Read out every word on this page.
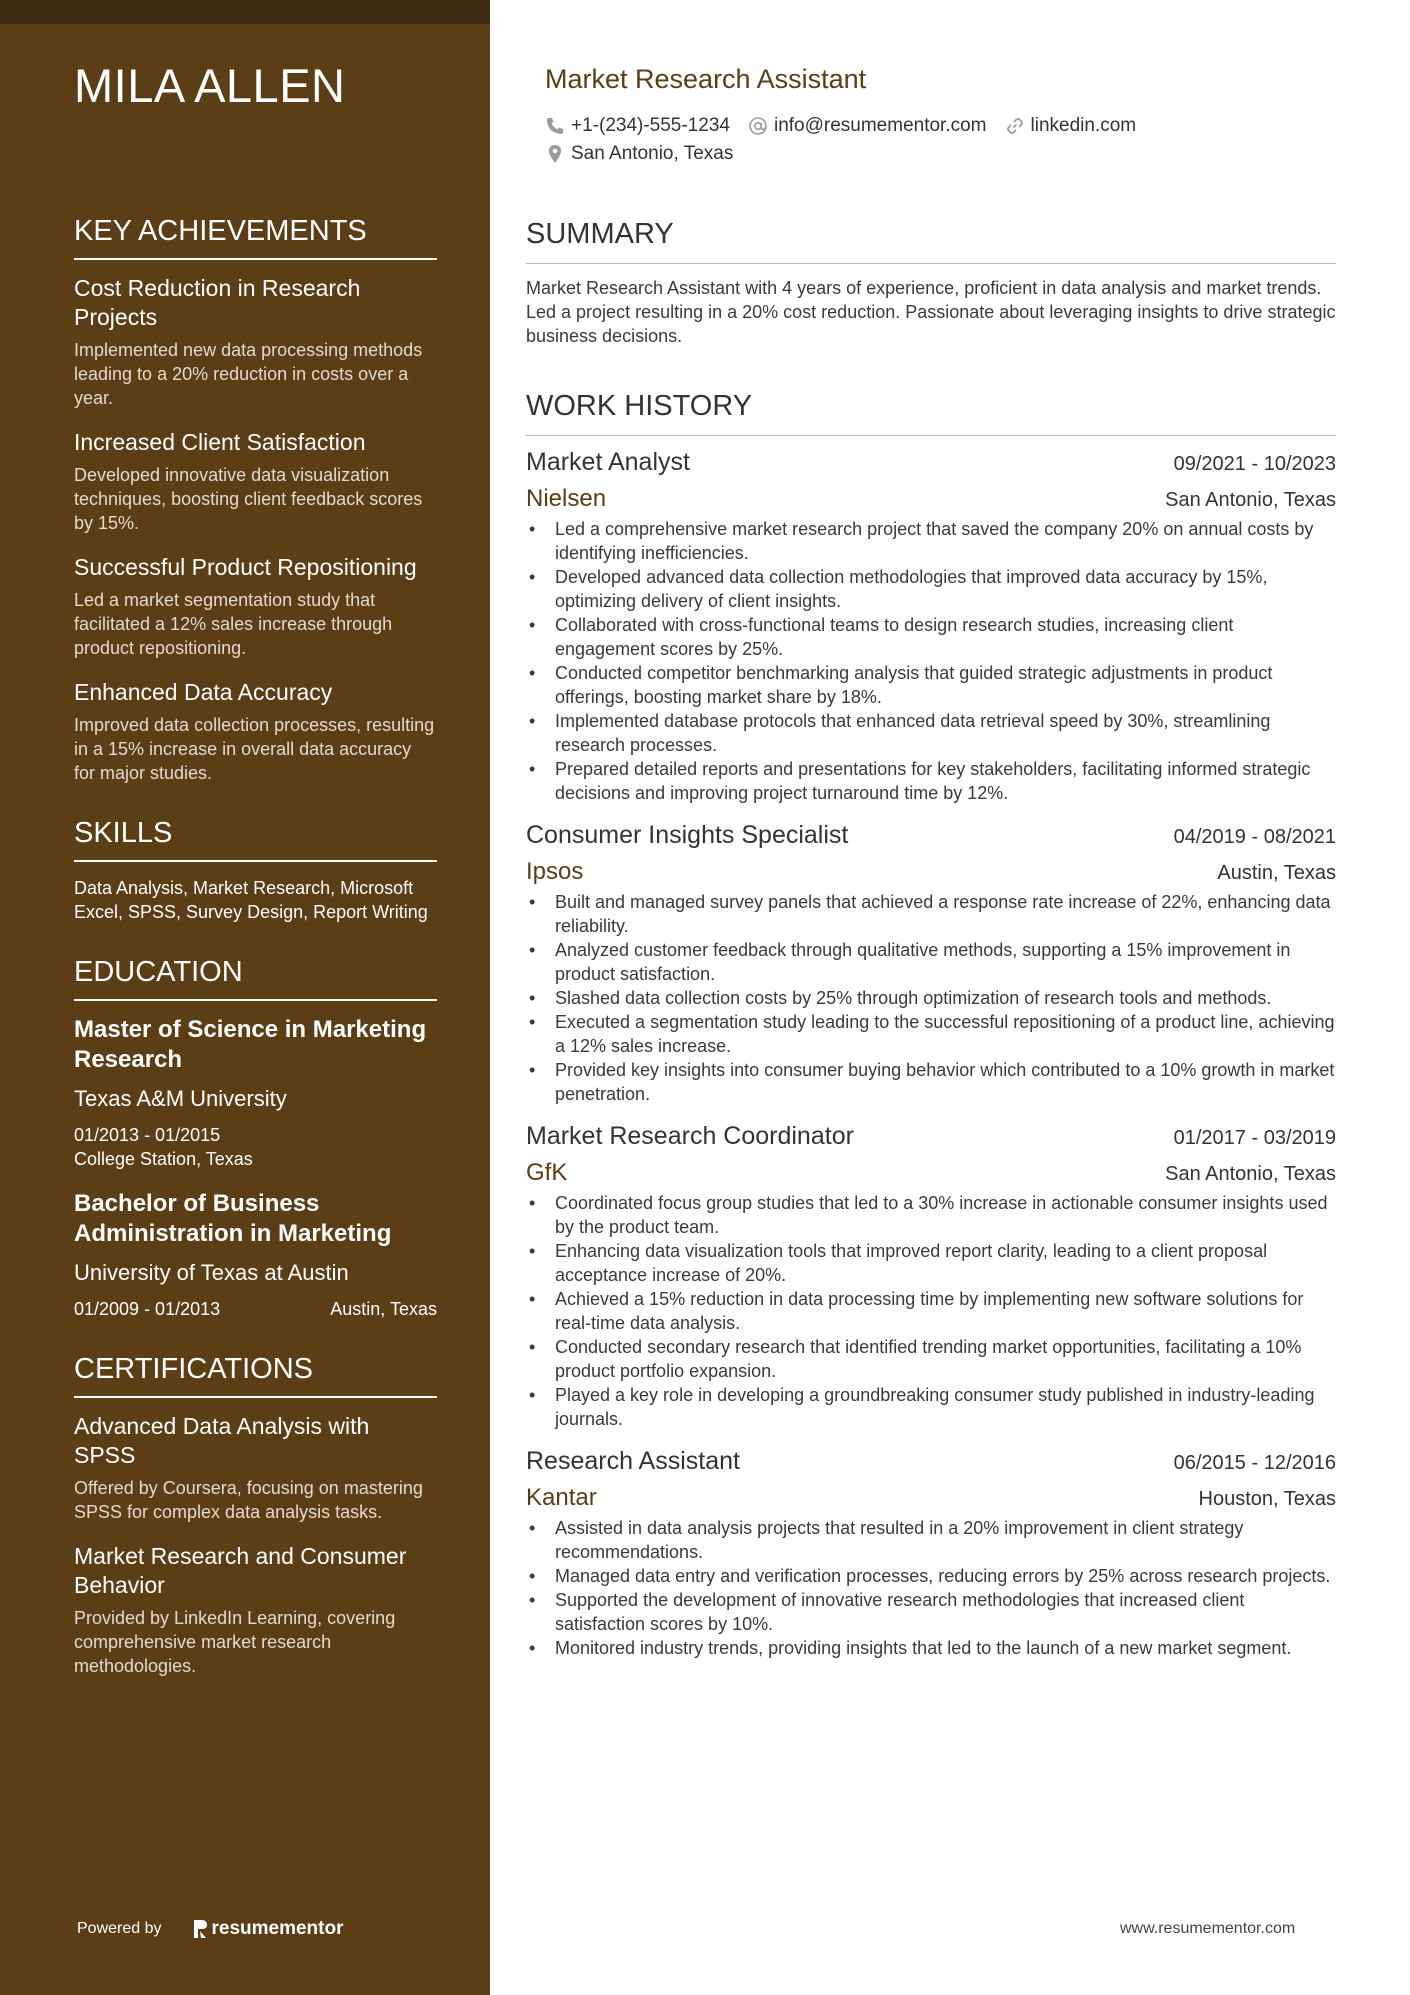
MILA ALLEN
KEY ACHIEVEMENTS
Cost Reduction in Research Projects
Implemented new data processing methods leading to a 20% reduction in costs over a year.
Increased Client Satisfaction
Developed innovative data visualization techniques, boosting client feedback scores by 15%.
Successful Product Repositioning
Led a market segmentation study that facilitated a 12% sales increase through product repositioning.
Enhanced Data Accuracy
Improved data collection processes, resulting in a 15% increase in overall data accuracy for major studies.
SKILLS
Data Analysis, Market Research, Microsoft Excel, SPSS, Survey Design, Report Writing
EDUCATION
Master of Science in Marketing Research
Texas A&M University
01/2013 - 01/2015
College Station, Texas
Bachelor of Business Administration in Marketing
University of Texas at Austin
01/2009 - 01/2013	Austin, Texas
CERTIFICATIONS
Advanced Data Analysis with SPSS
Offered by Coursera, focusing on mastering SPSS for complex data analysis tasks.
Market Research and Consumer Behavior
Provided by LinkedIn Learning, covering comprehensive market research methodologies.
Powered by	resumementor
Market Research Assistant
+1-(234)-555-1234 info@resumementor.com linkedin.com
San Antonio, Texas
SUMMARY
Market Research Assistant with 4 years of experience, proficient in data analysis and market trends. Led a project resulting in a 20% cost reduction. Passionate about leveraging insights to drive strategic business decisions.
WORK HISTORY
Market Analyst	09/2021 - 10/2023
Nielsen	San Antonio, Texas
• Led a comprehensive market research project that saved the company 20% on annual costs by identifying inefficiencies.
• Developed advanced data collection methodologies that improved data accuracy by 15%, optimizing delivery of client insights.
• Collaborated with cross-functional teams to design research studies, increasing client engagement scores by 25%.
• Conducted competitor benchmarking analysis that guided strategic adjustments in product offerings, boosting market share by 18%.
• Implemented database protocols that enhanced data retrieval speed by 30%, streamlining research processes.
• Prepared detailed reports and presentations for key stakeholders, facilitating informed strategic decisions and improving project turnaround time by 12%.
Consumer Insights Specialist	04/2019 - 08/2021
Ipsos	Austin, Texas
• Built and managed survey panels that achieved a response rate increase of 22%, enhancing data reliability.
• Analyzed customer feedback through qualitative methods, supporting a 15% improvement in product satisfaction.
• Slashed data collection costs by 25% through optimization of research tools and methods.
• Executed a segmentation study leading to the successful repositioning of a product line, achieving a 12% sales increase.
• Provided key insights into consumer buying behavior which contributed to a 10% growth in market penetration.
Market Research Coordinator	01/2017 - 03/2019
GfK	San Antonio, Texas
• Coordinated focus group studies that led to a 30% increase in actionable consumer insights used by the product team.
• Enhancing data visualization tools that improved report clarity, leading to a client proposal acceptance increase of 20%.
• Achieved a 15% reduction in data processing time by implementing new software solutions for real-time data analysis.
• Conducted secondary research that identified trending market opportunities, facilitating a 10% product portfolio expansion.
• Played a key role in developing a groundbreaking consumer study published in industry-leading journals.
Research Assistant	06/2015 - 12/2016
Kantar	Houston, Texas
• Assisted in data analysis projects that resulted in a 20% improvement in client strategy recommendations.
• Managed data entry and verification processes, reducing errors by 25% across research projects.
• Supported the development of innovative research methodologies that increased client satisfaction scores by 10%.
• Monitored industry trends, providing insights that led to the launch of a new market segment.
www.resumementor.com
